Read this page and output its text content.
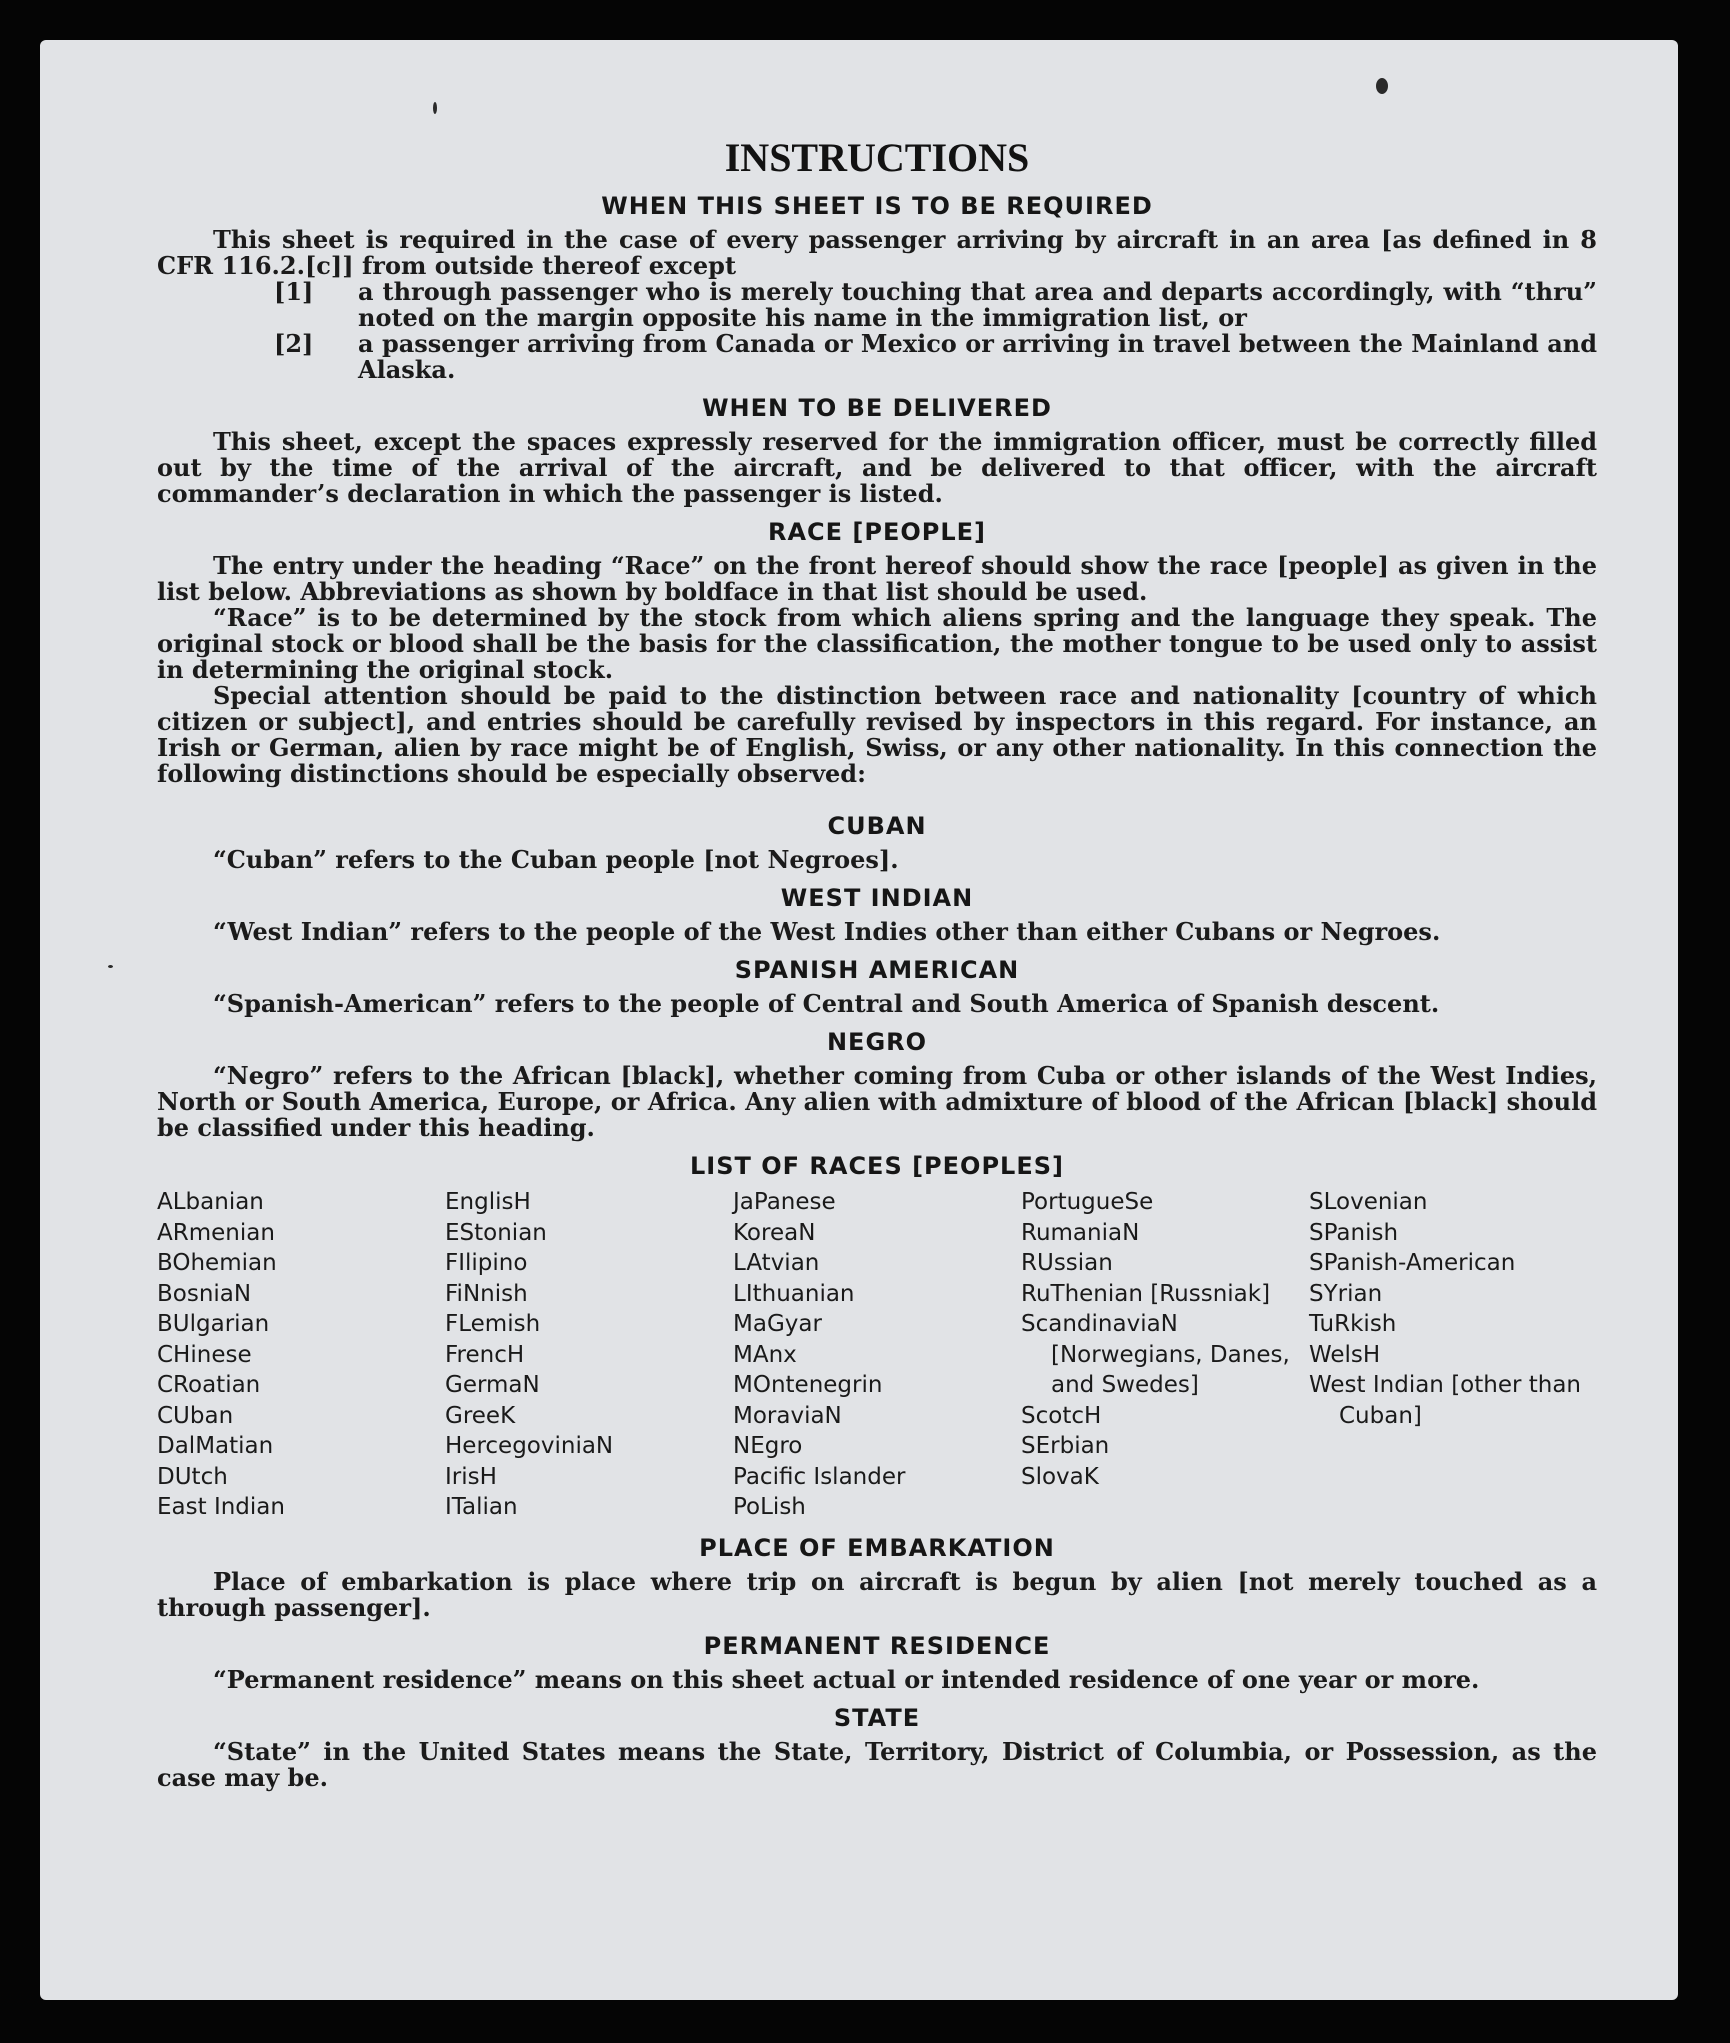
INSTRUCTIONS
WHEN THIS SHEET IS TO BE REQUIRED

This sheet is required in the case of every passenger arriving by aircraft in an area [as defined in 8 CFR 116.2.[c]] from outside thereof except

[1] a through passenger who is merely touching that area and departs accordingly, with “thru” noted on the margin opposite his name in the immigration list, or
[2] a passenger arriving from Canada or Mexico or arriving in travel between the Mainland and Alaska.
WHEN TO BE DELIVERED

This sheet, except the spaces expressly reserved for the immigration officer, must be correctly filled out by the time of the arrival of the aircraft, and be delivered to that officer, with the aircraft commander’s declaration in which the passenger is listed.

RACE [PEOPLE]

The entry under the heading “Race” on the front hereof should show the race [people] as given in the list below. Abbreviations as shown by boldface in that list should be used.

“Race” is to be determined by the stock from which aliens spring and the language they speak. The original stock or blood shall be the basis for the classification, the mother tongue to be used only to assist in determining the original stock.

Special attention should be paid to the distinction between race and nationality [country of which citizen or subject], and entries should be carefully revised by inspectors in this regard. For instance, an Irish or German, alien by race might be of English, Swiss, or any other nationality. In this connection the following distinctions should be especially observed:

CUBAN

“Cuban” refers to the Cuban people [not Negroes].

WEST INDIAN

“West Indian” refers to the people of the West Indies other than either Cubans or Negroes.

SPANISH AMERICAN

“Spanish-American” refers to the people of Central and South America of Spanish descent.

NEGRO

“Negro” refers to the African [black], whether coming from Cuba or other islands of the West Indies, North or South America, Europe, or Africa. Any alien with admixture of blood of the African [black] should be classified under this heading.

LIST OF RACES [PEOPLES]
ALbanian
ARmenian
BOhemian
BosniaN
BUlgarian
CHinese
CRoatian
CUban
DalMatian
DUtch
East Indian
EnglisH
EStonian
FIlipino
FiNnish
FLemish
FrencH
GermaN
GreeK
HercegoviniaN
IrisH
ITalian
JaPanese
KoreaN
LAtvian
LIthuanian
MaGyar
MAnx
MOntenegrin
MoraviaN
NEgro
Pacific Islander
PoLish
PortugueSe
RumaniaN
RUssian
RuThenian [Russniak]
ScandinaviaN [Norwegians, Danes, and Swedes]
ScotcH
SErbian
SlovaK
SLovenian
SPanish
SPanish-American
SYrian
TuRkish
WelsH
West Indian [other than Cuban]
PLACE OF EMBARKATION

Place of embarkation is place where trip on aircraft is begun by alien [not merely touched as a through passenger].

PERMANENT RESIDENCE

“Permanent residence” means on this sheet actual or intended residence of one year or more.

STATE

“State” in the United States means the State, Territory, District of Columbia, or Possession, as the case may be.
